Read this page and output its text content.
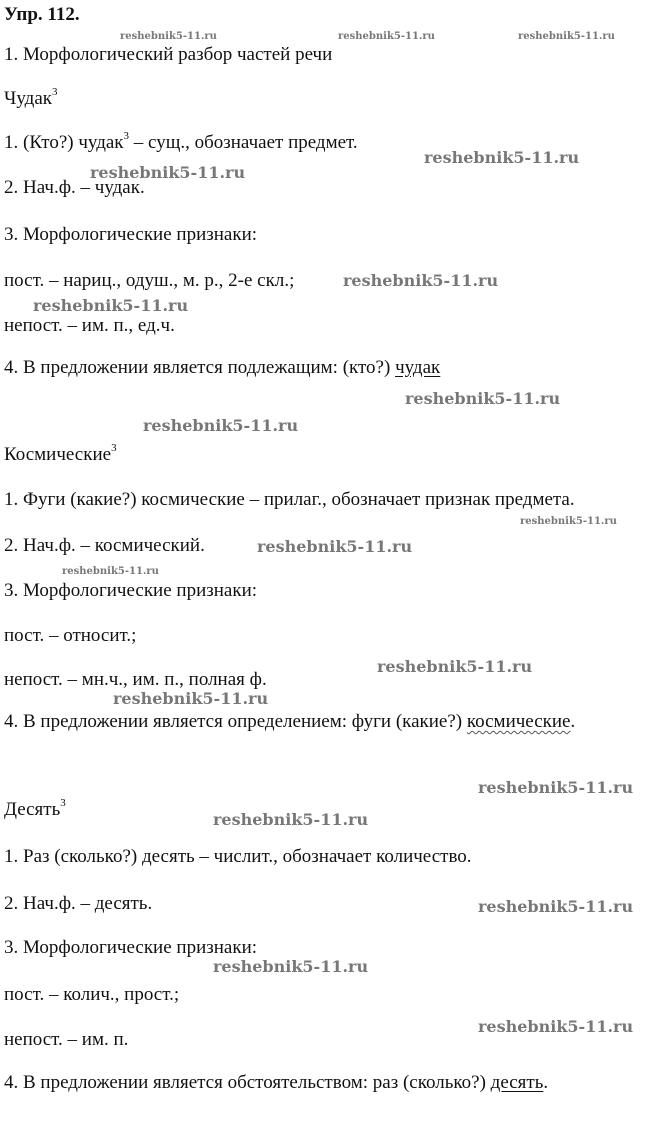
Упр. 112.
1. Морфологический разбор частей речи
Чудак$^3$
1. (Кто?) чудак$^3$ – сущ., обозначает предмет.
2. Нач.ф. – чудак.
3. Морфологические признаки:
пост. – нариц., одуш., м. р., 2-е скл.;
непост. – им. п., ед.ч.
4. В предложении является подлежащим: (кто?) чудак
Космические$^3$
1. Фуги (какие?) космические – прилаг., обозначает признак предмета.
2. Нач.ф. – космический.
3. Морфологические признаки:
пост. – относит.;
непост. – мн.ч., им. п., полная ф.
4. В предложении является определением: фуги (какие?) космические.
Десять$^3$
1. Раз (сколько?) десять – числит., обозначает количество.
2. Нач.ф. – десять.
3. Морфологические признаки:
пост. – колич., прост.;
непост. – им. п.
4. В предложении является обстоятельством: раз (сколько?) десять.
reshebnik5-11.ru	reshebnik5-11.ru	reshebnik5-11.ru
reshebnik5-11.ru
reshebnik5-11.ru
reshebnik5-11.ru
reshebnik5-11.ru
reshebnik5-11.ru
reshebnik5-11.ru
reshebnik5-11.ru
reshebnik5-11.ru
reshebnik5-11.ru
reshebnik5-11.ru
reshebnik5-11.ru
reshebnik5-11.ru
reshebnik5-11.ru
reshebnik5-11.ru
reshebnik5-11.ru
reshebnik5-11.ru
